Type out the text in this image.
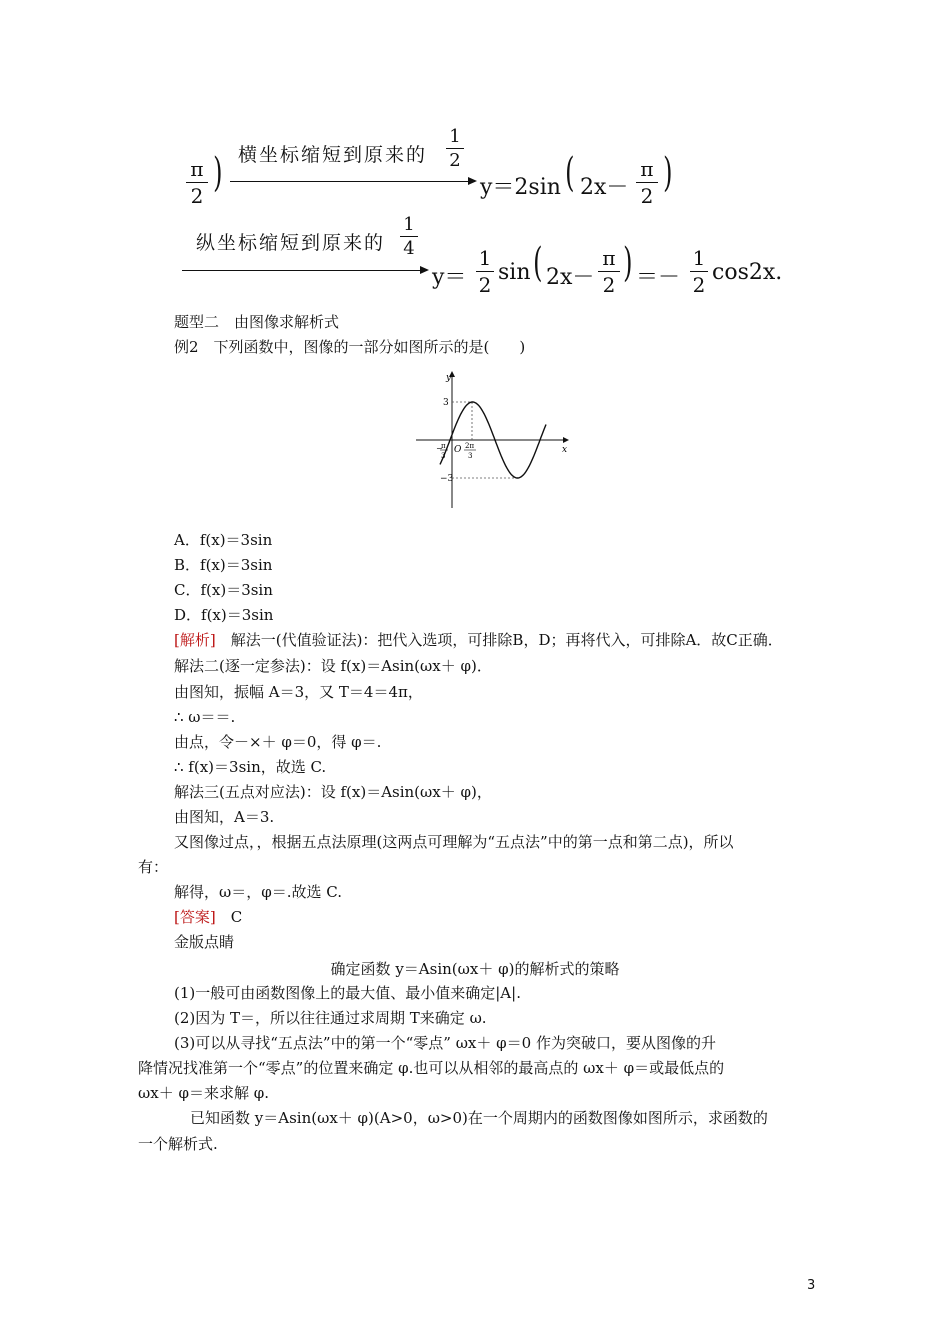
π
2 ) 横坐标缩短到原来的
1
2
y＝2sin ( 2x－
π
2 )
纵坐标缩短到原来的
1
4
y＝
1
2 sin ( 2x－
π
2 ) ＝－
1
2 cos2x.
题型二　由图像求解析式
例2　下列函数中，图像的一部分如图所示的是(　　)
y
x
O
3
−3
−
π
3
2π
3
A．f(x)＝3sin
B．f(x)＝3sin
C．f(x)＝3sin
D．f(x)＝3sin
[解析]　解法一(代值验证法)：把代入选项，可排除B，D；再将代入，可排除A．故C正确．
解法二(逐一定参法)：设 f(x)＝Asin(ωx＋ φ)．
由图知，振幅 A＝3，又 T＝4＝4π，
∴ ω＝＝.
由点，令－×＋ φ＝0，得 φ＝.
∴ f(x)＝3sin，故选 C.
解法三(五点对应法)：设 f(x)＝Asin(ωx＋ φ)，
由图知，A＝3.
又图像过点，，根据五点法原理(这两点可理解为“五点法”中的第一点和第二点)，所以
有：
解得，ω＝，φ＝.故选 C.
[答案]　C
金版点睛
确定函数 y＝Asin(ωx＋ φ)的解析式的策略
(1)一般可由函数图像上的最大值、最小值来确定|A|.
(2)因为 T＝，所以往往通过求周期 T来确定 ω.
(3)可以从寻找“五点法”中的第一个“零点” ωx＋ φ＝0 作为突破口，要从图像的升
降情况找准第一个“零点”的位置来确定 φ.也可以从相邻的最高点的 ωx＋ φ＝或最低点的
ωx＋ φ＝来求解 φ.
已知函数 y＝Asin(ωx＋ φ)(A>0，ω>0)在一个周期内的函数图像如图所示，求函数的
一个解析式.
3
